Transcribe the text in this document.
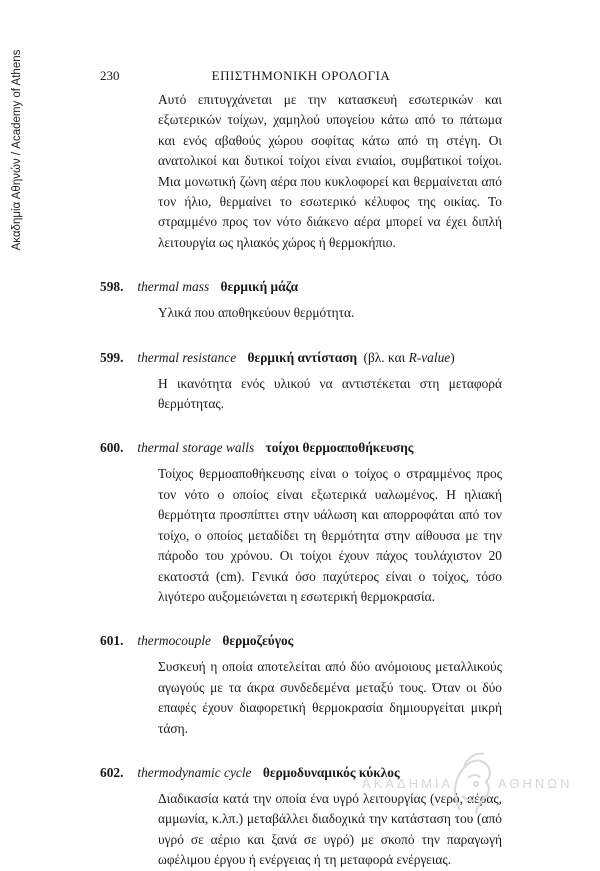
Ακαδημία Αθηνών / Academy of Athens	230	ΕΠΙΣΤΗΜΟΝΙΚΗ ΟΡΟΛΟΓΙΑ

Αυτό επιτυγχάνεται με την κατασκευή εσωτερικών και εξωτερικών τοίχων, χαμηλού υπογείου κάτω από το πάτωμα και ενός αβαθούς χώρου σοφίτας κάτω από τη στέγη. Οι ανατολικοί και δυτικοί τοίχοι είναι ενιαίοι, συμβατικοί τοίχοι. Μια μονωτική ζώνη αέρα που κυκλοφορεί και θερμαίνεται από τον ήλιο, θερμαίνει το εσωτερικό κέλυφος της οικίας. Το στραμμένο προς τον νότο διάκενο αέρα μπορεί να έχει διπλή λειτουργία ως ηλιακός χώρος ή θερμοκήπιο.

598. thermal mass θερμική μάζα

Υλικά που αποθηκεύουν θερμότητα.

599. thermal resistance θερμική αντίσταση (βλ. και R-value)

Η ικανότητα ενός υλικού να αντιστέκεται στη μεταφορά θερμότητας.

600. thermal storage walls τοίχοι θερμοαποθήκευσης

Τοίχος θερμοαποθήκευσης είναι ο τοίχος ο στραμμένος προς τον νότο ο οποίος είναι εξωτερικά υαλωμένος. Η ηλιακή θερμότητα προσπίπτει στην υάλωση και απορροφάται από τον τοίχο, ο οποίος μεταδίδει τη θερμότητα στην αίθουσα με την πάροδο του χρόνου. Οι τοίχοι έχουν πάχος τουλάχιστον 20 εκατοστά (cm). Γενικά όσο παχύτερος είναι ο τοίχος, τόσο λιγότερο αυξομειώνεται η εσωτερική θερμοκρασία.

601. thermocouple θερμοζεύγος

Συσκευή η οποία αποτελείται από δύο ανόμοιους μεταλλικούς αγωγούς με τα άκρα συνδεδεμένα μεταξύ τους. Όταν οι δύο επαφές έχουν διαφορετική θερμοκρασία δημιουργείται μικρή τάση.

602. thermodynamic cycle θερμοδυναμικός κύκλος

Διαδικασία κατά την οποία ένα υγρό λειτουργίας (νερό, αέρας, αμμωνία, κ.λπ.) μεταβάλλει διαδοχικά την κατάσταση του (από υγρό σε αέριο και ξανά σε υγρό) με σκοπό την παραγωγή ωφέλιμου έργου ή ενέργειας ή τη μεταφορά ενέργειας.

ΑΚΑΔΗΜΙΑ	ΑΘΗΝΩΝ
